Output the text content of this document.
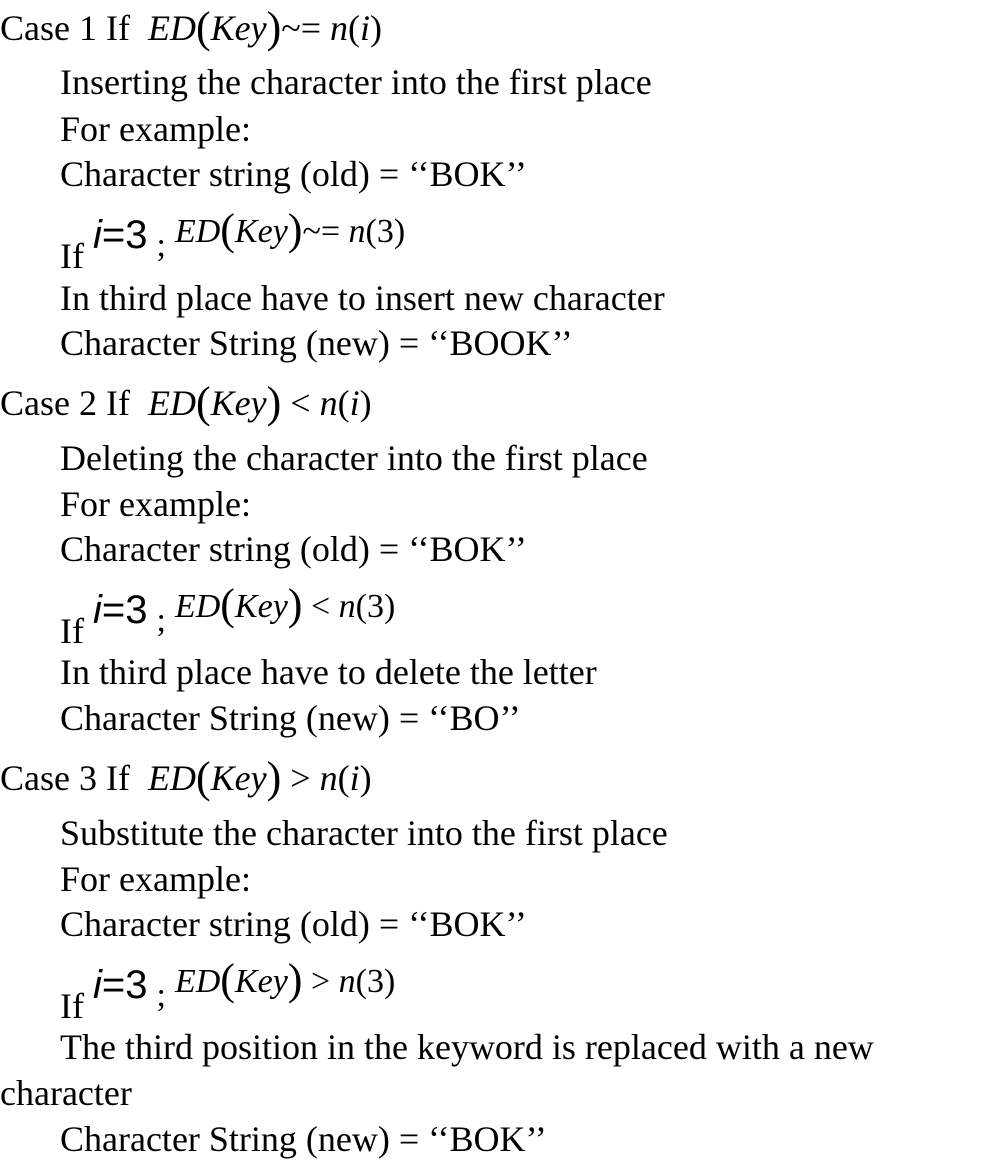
Case 1 If ED(Key)~= n(i)
Inserting the character into the first place
For example:
Character string (old) = ‘‘BOK’’
If i=3 ; ED(Key)~= n(3)
In third place have to insert new character
Character String (new) = ‘‘BOOK’’
Case 2 If ED(Key) < n(i)
Deleting the character into the first place
For example:
Character string (old) = ‘‘BOK’’
If i=3 ; ED(Key) < n(3)
In third place have to delete the letter
Character String (new) = ‘‘BO’’
Case 3 If ED(Key) > n(i)
Substitute the character into the first place
For example:
Character string (old) = ‘‘BOK’’
If i=3 ; ED(Key) > n(3)
The third position in the keyword is replaced with a new
character
Character String (new) = ‘‘BOK’’
